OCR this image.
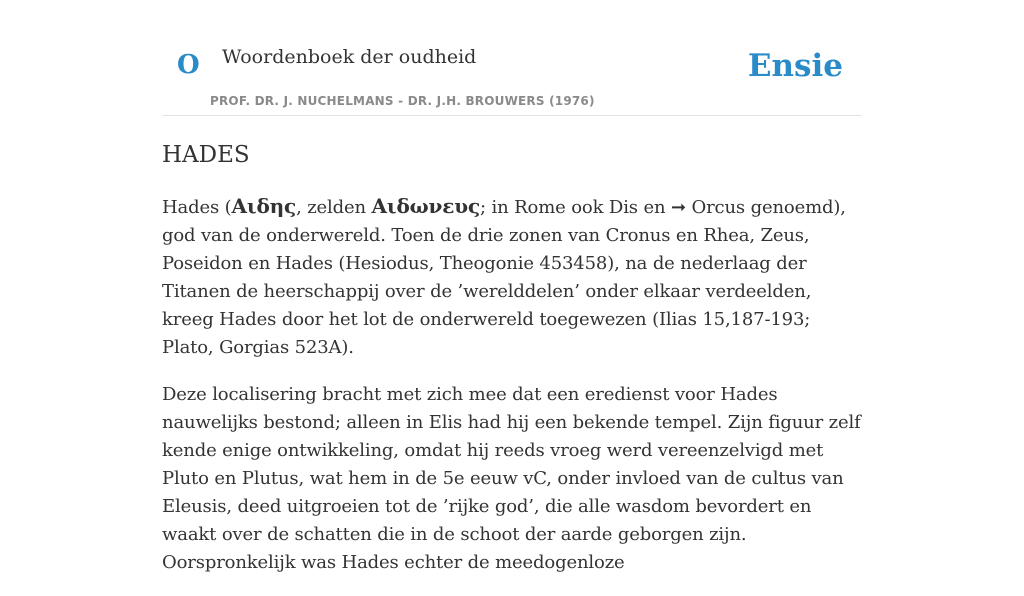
O Woordenboek der oudheid
PROF. DR. J. NUCHELMANS - DR. J.H. BROUWERS (1976)
Ensie
HADES

Hades (Αιδης, zelden Αιδωνευς; in Rome ook Dis en ➞ Orcus genoemd), god van de onderwereld. Toen de drie zonen van Cronus en Rhea, Zeus, Poseidon en Hades (Hesiodus, Theogonie 453458), na de nederlaag der Titanen de heerschappij over de ’werelddelen’ onder elkaar verdeelden, kreeg Hades door het lot de onderwereld toegewezen (Ilias 15,187-193; Plato, Gorgias 523A).

Deze localisering bracht met zich mee dat een eredienst voor Hades nauwelijks bestond; alleen in Elis had hij een bekende tempel. Zijn figuur zelf kende enige ontwikkeling, omdat hij reeds vroeg werd vereenzelvigd met Pluto en Plutus, wat hem in de 5e eeuw vC, onder invloed van de cultus van Eleusis, deed uitgroeien tot de ’rijke god’, die alle wasdom bevordert en waakt over de schatten die in de schoot der aarde geborgen zijn. Oorspronkelijk was Hades echter de meedogenloze
